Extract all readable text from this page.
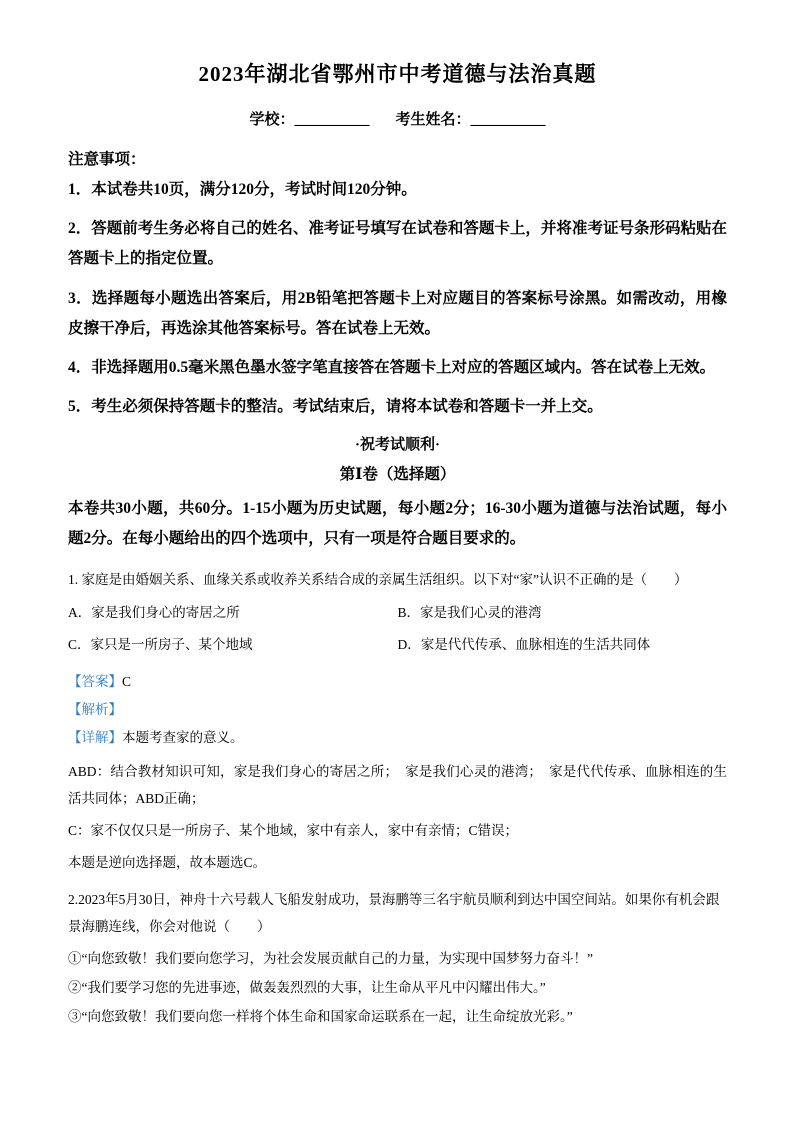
2023年湖北省鄂州市中考道德与法治真题
学校：__________ 考生姓名：__________
注意事项：
1．本试卷共10页，满分120分，考试时间120分钟。
2．答题前考生务必将自己的姓名、准考证号填写在试卷和答题卡上，并将准考证号条形码粘贴在答题卡上的指定位置。
3．选择题每小题选出答案后，用2B铅笔把答题卡上对应题目的答案标号涂黑。如需改动，用橡皮擦干净后，再选涂其他答案标号。答在试卷上无效。
4．非选择题用0.5毫米黑色墨水签字笔直接答在答题卡上对应的答题区域内。答在试卷上无效。
5．考生必须保持答题卡的整洁。考试结束后，请将本试卷和答题卡一并上交。
·祝考试顺利·
第Ⅰ卷（选择题）
本卷共30小题，共60分。1-15小题为历史试题，每小题2分；16-30小题为道德与法治试题，每小题2分。在每小题给出的四个选项中，只有一项是符合题目要求的。
1. 家庭是由婚姻关系、血缘关系或收养关系结合成的亲属生活组织。以下对“家”认识不正确的是（　　）
A．家是我们身心的寄居之所	B．家是我们心灵的港湾
C．家只是一所房子、某个地域	D．家是代代传承、血脉相连的生活共同体
【答案】C
【解析】
【详解】本题考查家的意义。
ABD：结合教材知识可知，家是我们身心的寄居之所；　家是我们心灵的港湾；　家是代代传承、血脉相连的生活共同体；ABD正确；
C：家不仅仅只是一所房子、某个地域，家中有亲人，家中有亲情；C错误；
本题是逆向选择题，故本题选C。
2.2023年5月30日，神舟十六号载人飞船发射成功，景海鹏等三名宇航员顺利到达中国空间站。如果你有机会跟景海鹏连线，你会对他说（　　）
①“向您致敬！我们要向您学习，为社会发展贡献自己的力量，为实现中国梦努力奋斗！”
②“我们要学习您的先进事迹，做轰轰烈烈的大事，让生命从平凡中闪耀出伟大。”
③“向您致敬！我们要向您一样将个体生命和国家命运联系在一起，让生命绽放光彩。”
